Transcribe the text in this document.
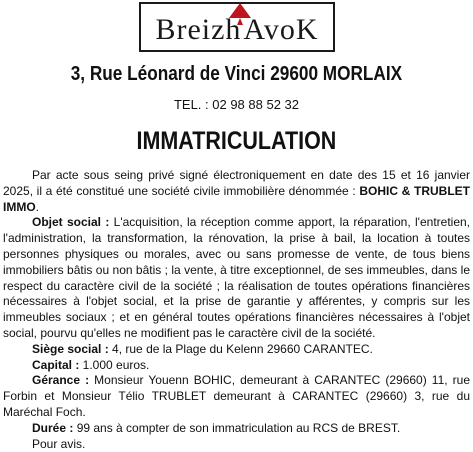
BreizhAvoK
3, Rue Léonard de Vinci 29600 MORLAIX
TEL. : 02 98 88 52 32
IMMATRICULATION

Par acte sous seing privé signé électroniquement en date des 15 et 16 janvier 2025, il a été constitué une société civile immobilière dénommée : BOHIC & TRUBLET IMMO.

Objet social : L'acquisition, la réception comme apport, la réparation, l'entretien, l'administration, la transformation, la rénovation, la prise à bail, la location à toutes personnes physiques ou morales, avec ou sans promesse de vente, de tous biens immobiliers bâtis ou non bâtis ; la vente, à titre exceptionnel, de ses immeubles, dans le respect du caractère civil de la société ; la réalisation de toutes opérations financières nécessaires à l'objet social, et la prise de garantie y afférentes, y compris sur les immeubles sociaux ; et en général toutes opérations financières nécessaires à l'objet social, pourvu qu'elles ne modifient pas le caractère civil de la société.

Siège social : 4, rue de la Plage du Kelenn 29660 CARANTEC.

Capital : 1.000 euros.

Gérance : Monsieur Youenn BOHIC, demeurant à CARANTEC (29660) 11, rue Forbin et Monsieur Télio TRUBLET demeurant à CARANTEC (29660) 3, rue du Maréchal Foch.

Durée : 99 ans à compter de son immatriculation au RCS de BREST.

Pour avis.
